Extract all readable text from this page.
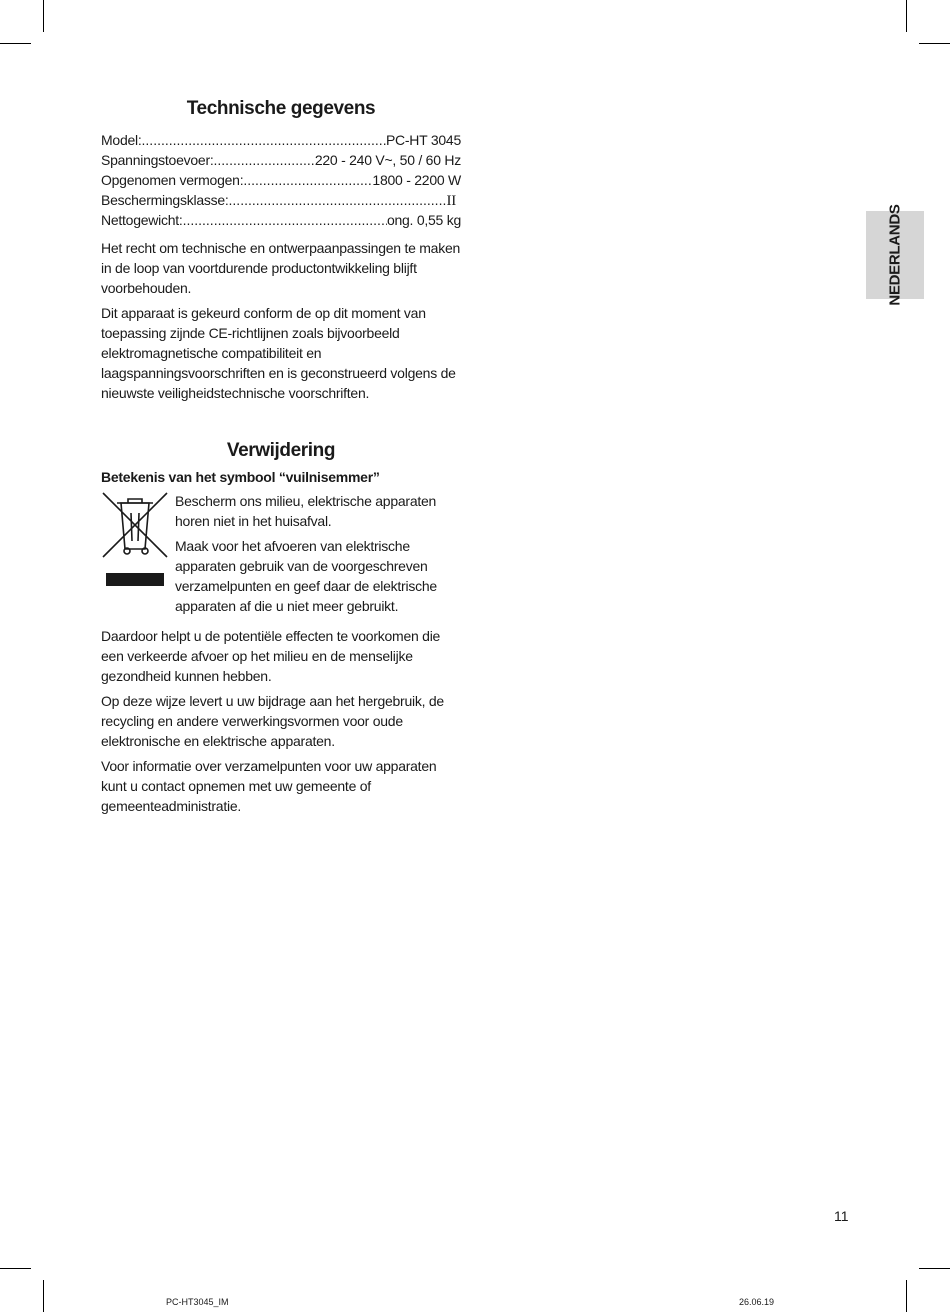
Technische gegevens
Model: .....	PC-HT 3045
Spanningstoevoer: .....	220 - 240 V~, 50 / 60 Hz
Opgenomen vermogen: .....	1800 - 2200 W
Beschermingsklasse: .....	II
Nettogewicht: .....	ong. 0,55 kg

Het recht om technische en ontwerpaanpassingen te maken in de loop van voortdurende productontwikkeling blijft voorbehouden.

Dit apparaat is gekeurd conform de op dit moment van toepassing zijnde CE-richtlijnen zoals bijvoorbeeld elektromagnetische compatibiliteit en laagspanningsvoorschriften en is geconstrueerd volgens de nieuwste veiligheidstechnische voorschriften.

Verwijdering
Betekenis van het symbool “vuilnisemmer”

Bescherm ons milieu, elektrische apparaten horen niet in het huisafval.

Maak voor het afvoeren van elektrische apparaten gebruik van de voorgeschreven verzamelpunten en geef daar de elektrische apparaten af die u niet meer gebruikt.

Daardoor helpt u de potentiële effecten te voorkomen die een verkeerde afvoer op het milieu en de menselijke gezondheid kunnen hebben.

Op deze wijze levert u uw bijdrage aan het hergebruik, de recycling en andere verwerkingsvormen voor oude elektronische en elektrische apparaten.

Voor informatie over verzamelpunten voor uw apparaten kunt u contact opnemen met uw gemeente of gemeenteadministratie.

NEDERLANDS
11
PC-HT3045_IM	26.06.19
